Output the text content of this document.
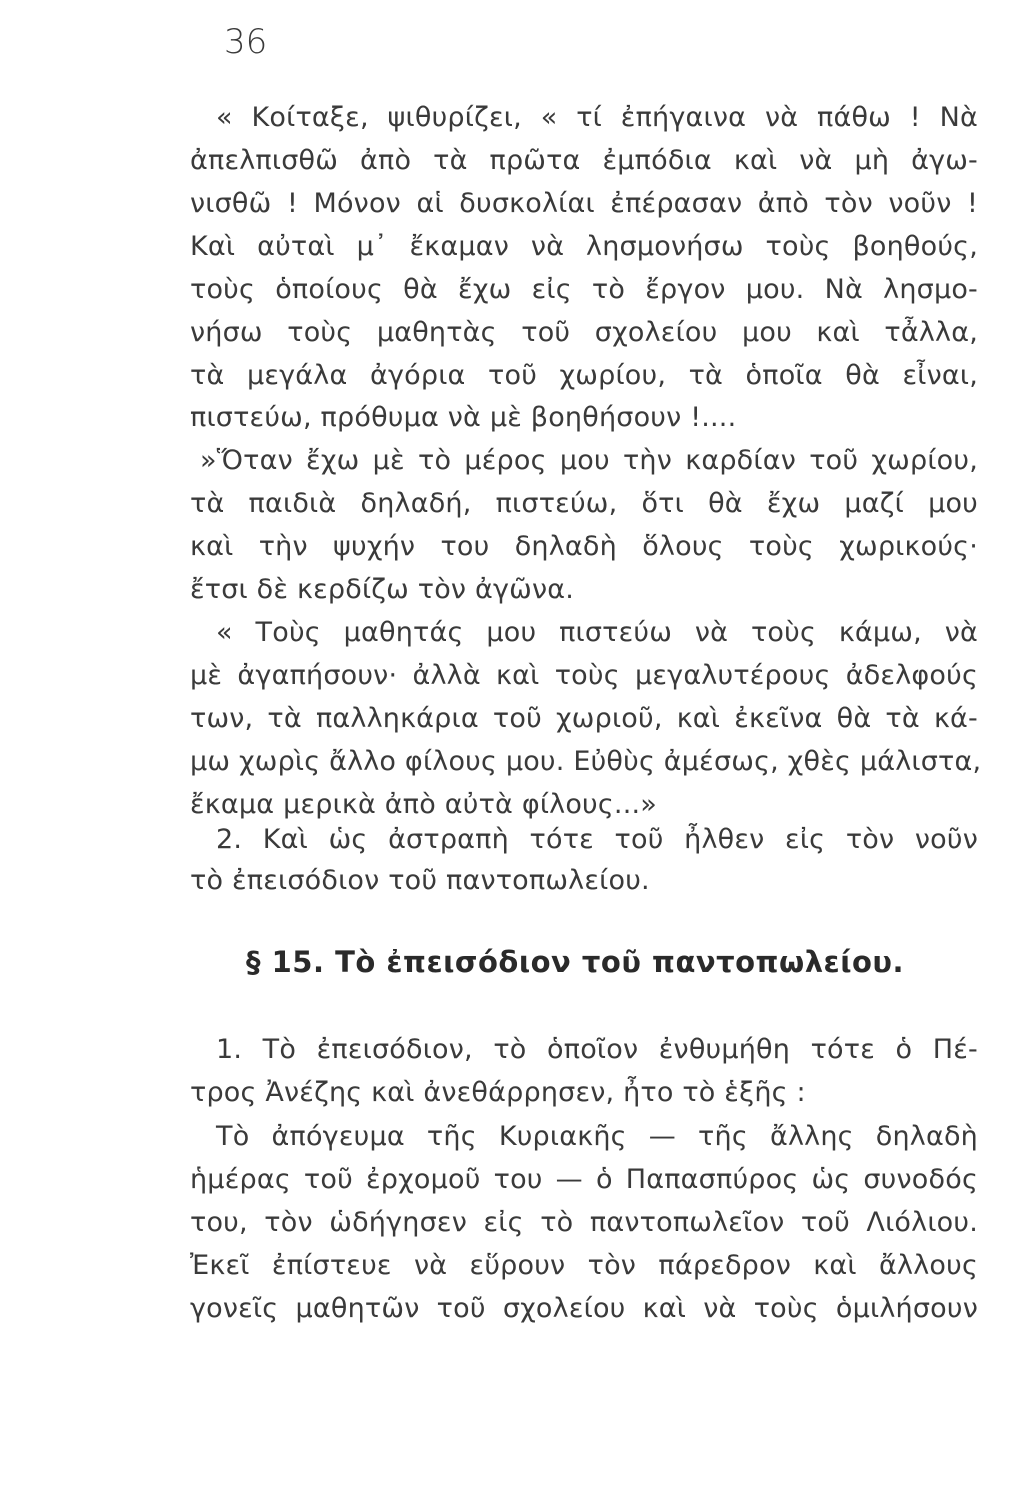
36
« Κοίταξε, ψιθυρίζει, « τί ἐπήγαινα νὰ πάθω ! Νὰ
ἀπελπισθῶ ἀπὸ τὰ πρῶτα ἐμπόδια καὶ νὰ μὴ ἀγω-
νισθῶ ! Μόνον αἱ δυσκολίαι ἐπέρασαν ἀπὸ τὸν νοῦν !
Καὶ αὐταὶ μ᾽ ἔκαμαν νὰ λησμονήσω τοὺς βοηθούς,
τοὺς ὁποίους θὰ ἔχω εἰς τὸ ἔργον μου. Νὰ λησμο-
νήσω τοὺς μαθητὰς τοῦ σχολείου μου καὶ τἆλλα,
τὰ μεγάλα ἀγόρια τοῦ χωρίου, τὰ ὁποῖα θὰ εἶναι,
πιστεύω, πρόθυμα νὰ μὲ βοηθήσουν !....
»Ὅταν ἔχω μὲ τὸ μέρος μου τὴν καρδίαν τοῦ χωρίου,
τὰ παιδιὰ δηλαδή, πιστεύω, ὅτι θὰ ἔχω μαζί μου
καὶ τὴν ψυχήν του δηλαδὴ ὅλους τοὺς χωρικούς·
ἔτσι δὲ κερδίζω τὸν ἀγῶνα.
« Τοὺς μαθητάς μου πιστεύω νὰ τοὺς κάμω, νὰ
μὲ ἀγαπήσουν· ἀλλὰ καὶ τοὺς μεγαλυτέρους ἀδελφούς
των, τὰ παλληκάρια τοῦ χωριοῦ, καὶ ἐκεῖνα θὰ τὰ κά-
μω χωρὶς ἄλλο φίλους μου. Εὐθὺς ἀμέσως, χθὲς μάλιστα,
ἔκαμα μερικὰ ἀπὸ αὐτὰ φίλους...»
2. Καὶ ὡς ἀστραπὴ τότε τοῦ ἦλθεν εἰς τὸν νοῦν
τὸ ἐπεισόδιον τοῦ παντοπωλείου.
§ 15. Τὸ ἐπεισόδιον τοῦ παντοπωλείου.
1. Τὸ ἐπεισόδιον, τὸ ὁποῖον ἐνθυμήθη τότε ὁ Πέ-
τρος Ἀνέζης καὶ ἀνεθάρρησεν, ἦτο τὸ ἑξῆς :
Τὸ ἀπόγευμα τῆς Κυριακῆς — τῆς ἄλλης δηλαδὴ
ἡμέρας τοῦ ἐρχομοῦ του — ὁ Παπασπύρος ὡς συνοδός
του, τὸν ὡδήγησεν εἰς τὸ παντοπωλεῖον τοῦ Λιόλιου.
Ἐκεῖ ἐπίστευε νὰ εὕρουν τὸν πάρεδρον καὶ ἄλλους
γονεῖς μαθητῶν τοῦ σχολείου καὶ νὰ τοὺς ὁμιλήσουν
